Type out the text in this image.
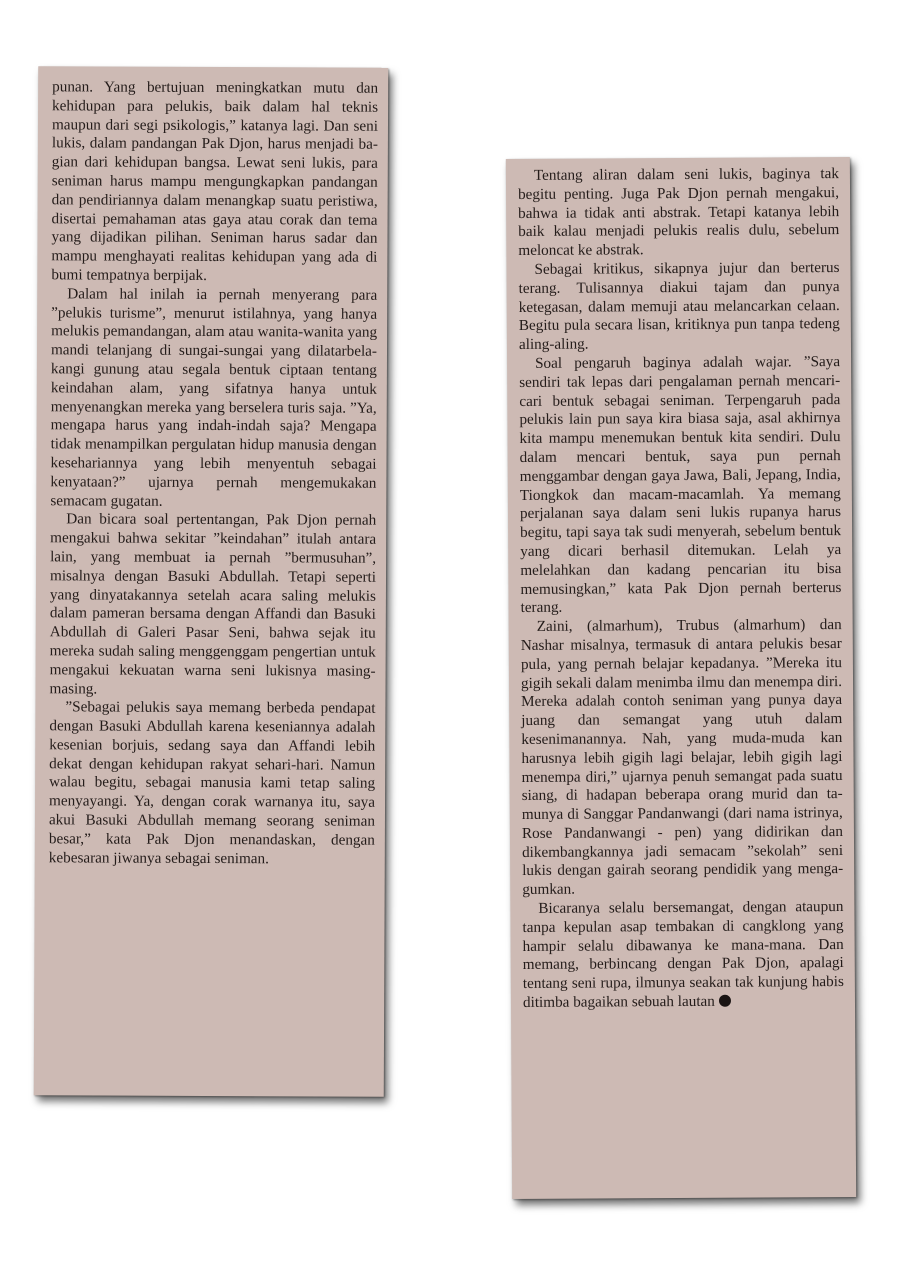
punan. Yang bertujuan meningkatkan mutu dan kehidupan para pelukis, baik dalam hal teknis maupun dari segi psikologis,” katanya lagi. Dan seni lukis, dalam pandangan Pak Djon, harus menjadi bagian dari kehidupan bangsa. Lewat seni lukis, para seniman harus mampu mengungkapkan pandangan dan pendiriannya dalam menangkap suatu peristiwa, disertai pemahaman atas gaya atau corak dan tema yang dijadikan pilihan. Seniman harus sadar dan mampu menghayati realitas kehidupan yang ada di bumi tempatnya berpijak.

Dalam hal inilah ia pernah menyerang para ”pelukis turisme”, menurut istilahnya, yang hanya melukis pemandangan, alam atau wanita-wanita yang mandi telanjang di sungai-sungai yang dilatarbelakangi gunung atau segala bentuk ciptaan tentang keindahan alam, yang sifatnya hanya untuk menyenangkan mereka yang berselera turis saja. ”Ya, mengapa harus yang indah-indah saja? Mengapa tidak menampilkan pergulatan hidup manusia dengan kesehariannya yang lebih menyentuh sebagai kenyataan?” ujarnya pernah mengemukakan semacam gugatan.

Dan bicara soal pertentangan, Pak Djon pernah mengakui bahwa sekitar ”keindahan” itulah antara lain, yang membuat ia pernah ”bermusuhan”, misalnya dengan Basuki Abdullah. Tetapi seperti yang dinyatakannya setelah acara saling melukis dalam pameran bersama dengan Affandi dan Basuki Abdullah di Galeri Pasar Seni, bahwa sejak itu mereka sudah saling menggenggam pengertian untuk mengakui kekuatan warna seni lukisnya masing-masing.

”Sebagai pelukis saya memang berbeda pendapat dengan Basuki Abdullah karena keseniannya adalah kesenian borjuis, sedang saya dan Affandi lebih dekat dengan kehidupan rakyat sehari-hari. Namun walau begitu, sebagai manusia kami tetap saling menyayangi. Ya, dengan corak warnanya itu, saya akui Basuki Abdullah memang seorang seniman besar,” kata Pak Djon menandaskan, dengan kebesaran jiwanya sebagai seniman.

Tentang aliran dalam seni lukis, baginya tak begitu penting. Juga Pak Djon pernah mengakui, bahwa ia tidak anti abstrak. Tetapi katanya lebih baik kalau menjadi pelukis realis dulu, sebelum meloncat ke abstrak.

Sebagai kritikus, sikapnya jujur dan berterus terang. Tulisannya diakui tajam dan punya ketegasan, dalam memuji atau melancarkan celaan. Begitu pula secara lisan, kritiknya pun tanpa tedeng aling-aling.

Soal pengaruh baginya adalah wajar. ”Saya sendiri tak lepas dari pengalaman pernah mencari-cari bentuk sebagai seniman. Terpengaruh pada pelukis lain pun saya kira biasa saja, asal akhirnya kita mampu menemukan bentuk kita sendiri. Dulu dalam mencari bentuk, saya pun pernah menggambar dengan gaya Jawa, Bali, Jepang, India, Tiongkok dan macam-macamlah. Ya memang perjalanan saya dalam seni lukis rupanya harus begitu, tapi saya tak sudi menyerah, sebelum bentuk yang dicari berhasil ditemukan. Lelah ya melelahkan dan kadang pencarian itu bisa memusingkan,” kata Pak Djon pernah berterus terang.

Zaini, (almarhum), Trubus (almarhum) dan Nashar misalnya, termasuk di antara pelukis besar pula, yang pernah belajar kepadanya. ”Mereka itu gigih sekali dalam menimba ilmu dan menempa diri. Mereka adalah contoh seniman yang punya daya juang dan semangat yang utuh dalam kesenimanannya. Nah, yang muda-muda kan harusnya lebih gigih lagi belajar, lebih gigih lagi menempa diri,” ujarnya penuh semangat pada suatu siang, di hadapan beberapa orang murid dan tamunya di Sanggar Pandanwangi (dari nama istrinya, Rose Pandanwangi - pen) yang didirikan dan dikembangkannya jadi semacam ”sekolah” seni lukis dengan gairah seorang pendidik yang mengagumkan.

Bicaranya selalu bersemangat, dengan ataupun tanpa kepulan asap tembakan di cangklong yang hampir selalu dibawanya ke mana-mana. Dan memang, berbincang dengan Pak Djon, apalagi tentang seni rupa, ilmunya seakan tak kunjung habis ditimba bagaikan sebuah lautan
